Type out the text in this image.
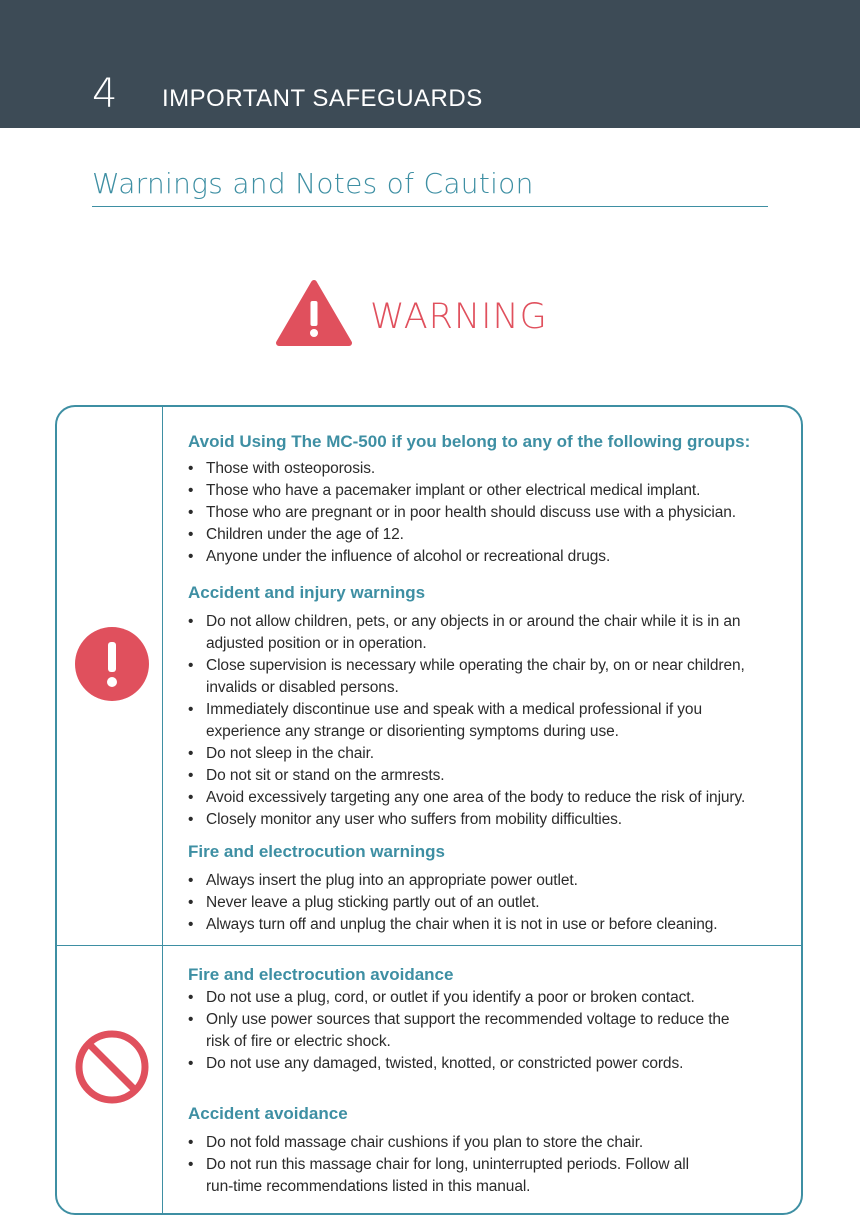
4 IMPORTANT SAFEGUARDS
Warnings and Notes of Caution
WARNING
Avoid Using The MC-500 if you belong to any of the following groups:
• Those with osteoporosis.
• Those who have a pacemaker implant or other electrical medical implant.
• Those who are pregnant or in poor health should discuss use with a physician.
• Children under the age of 12.
• Anyone under the influence of alcohol or recreational drugs.
Accident and injury warnings
• Do not allow children, pets, or any objects in or around the chair while it is in an
adjusted position or in operation.
• Close supervision is necessary while operating the chair by, on or near children,
invalids or disabled persons.
• Immediately discontinue use and speak with a medical professional if you
experience any strange or disorienting symptoms during use.
• Do not sleep in the chair.
• Do not sit or stand on the armrests.
• Avoid excessively targeting any one area of the body to reduce the risk of injury.
• Closely monitor any user who suffers from mobility difficulties.
Fire and electrocution warnings
• Always insert the plug into an appropriate power outlet.
• Never leave a plug sticking partly out of an outlet.
• Always turn off and unplug the chair when it is not in use or before cleaning.
Fire and electrocution avoidance
• Do not use a plug, cord, or outlet if you identify a poor or broken contact.
• Only use power sources that support the recommended voltage to reduce the
risk of fire or electric shock.
• Do not use any damaged, twisted, knotted, or constricted power cords.
Accident avoidance
• Do not fold massage chair cushions if you plan to store the chair.
• Do not run this massage chair for long, uninterrupted periods. Follow all
run-time recommendations listed in this manual.
